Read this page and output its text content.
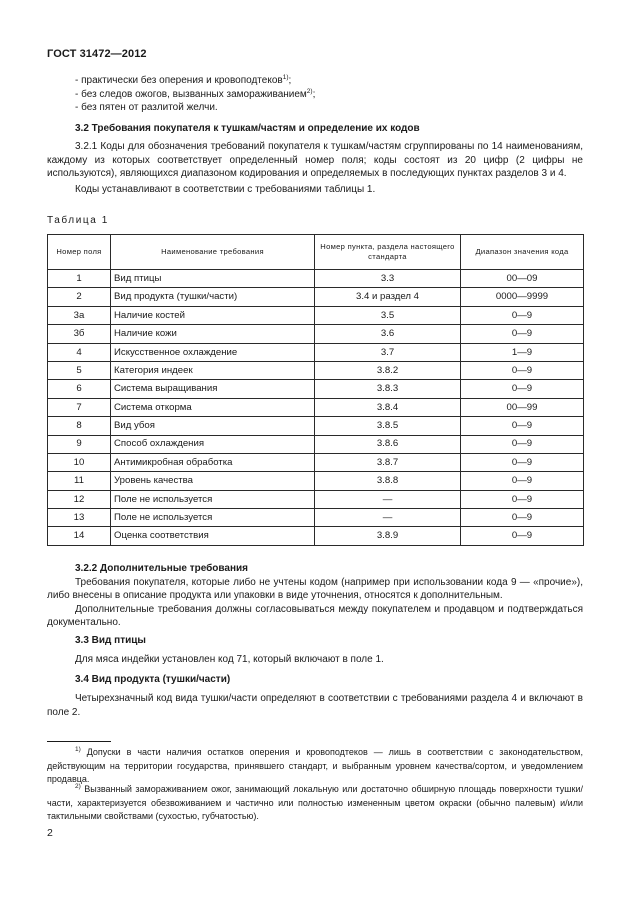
ГОСТ 31472—2012

- практически без оперения и кровоподтеков$^{1)}$;

- без следов ожогов, вызванных замораживанием$^{2)}$;

- без пятен от разлитой желчи.

3.2 Требования покупателя к тушкам/частям и определение их кодов

3.2.1 Коды для обозначения требований покупателя к тушкам/частям сгруппированы по 14 наименованиям, каждому из которых соответствует определенный номер поля; коды состоят из 20 цифр (2 цифры не используются), являющихся диапазоном кодирования и определяемых в последующих пунктах разделов 3 и 4.

Коды устанавливают в соответствии с требованиями таблицы 1.

Таблица 1
Номер поля	Наименование требования	Номер пункта, раздела настоящего стандарта	Диапазон значения кода
1	Вид птицы	3.3	00—09
2	Вид продукта (тушки/части)	3.4 и раздел 4	0000—9999
3а	Наличие костей	3.5	0—9
3б	Наличие кожи	3.6	0—9
4	Искусственное охлаждение	3.7	1—9
5	Категория индеек	3.8.2	0—9
6	Система выращивания	3.8.3	0—9
7	Система откорма	3.8.4	00—99
8	Вид убоя	3.8.5	0—9
9	Способ охлаждения	3.8.6	0—9
10	Антимикробная обработка	3.8.7	0—9
11	Уровень качества	3.8.8	0—9
12	Поле не используется	—	0—9
13	Поле не используется	—	0—9
14	Оценка соответствия	3.8.9	0—9

3.2.2 Дополнительные требования

Требования покупателя, которые либо не учтены кодом (например при использовании кода 9 — «прочие»), либо внесены в описание продукта или упаковки в виде уточнения, относятся к дополнительным.

Дополнительные требования должны согласовываться между покупателем и продавцом и подтверждаться документально.

3.3 Вид птицы

Для мяса индейки установлен код 71, который включают в поле 1.

3.4 Вид продукта (тушки/части)

Четырехзначный код вида тушки/части определяют в соответствии с требованиями раздела 4 и включают в поле 2.

$^{1)}$ Допуски в части наличия остатков оперения и кровоподтеков — лишь в соответствии с законодательством, действующим на территории государства, принявшего стандарт, и выбранным уровнем качества/сортом, и уведомлением продавца.

$^{2)}$ Вызванный замораживанием ожог, занимающий локальную или достаточно обширную площадь поверхности тушки/части, характеризуется обезвоживанием и частично или полностью измененным цветом окраски (обычно палевым) и/или тактильными свойствами (сухостью, губчатостью).

2
